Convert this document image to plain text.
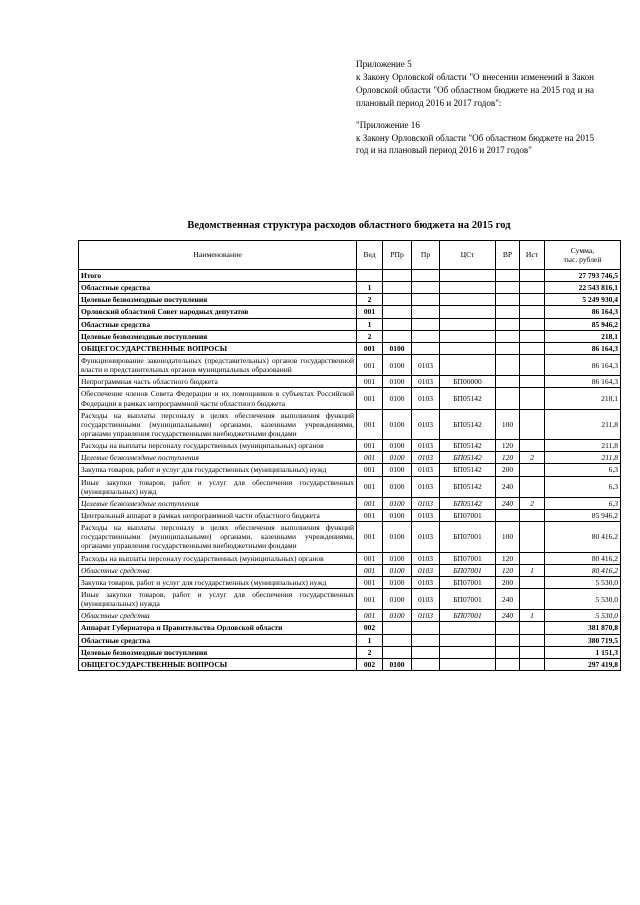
Приложение 5

к Закону Орловской области "О внесении изменений в Закон Орловской области "Об областном бюджете на 2015 год и на плановый период 2016 и 2017 годов":

"Приложение 16

к Закону Орловской области "Об областном бюджете на 2015 год и на плановый период 2016 и 2017 годов"

Ведомственная структура расходов областного бюджета на 2015 год
Наименование	Вед	РПр	Пр	ЦСт	ВР	Ист	Сумма,
тыс. рублей
Итого							27 793 746,5
Областные средства	1						22 543 816,1
Целевые безвозмездные поступления	2						5 249 930,4
Орловский областной Совет народных депутатов	001						86 164,3
Областные средства	1						85 946,2
Целевые безвозмездные поступления	2						218,1
ОБЩЕГОСУДАРСТВЕННЫЕ ВОПРОСЫ	001	0100					86 164,3
Функционирование законодательных (представительных) органов государственной власти и представительных органов муниципальных образований	001	0100	0103				86 164,3
Непрограммная часть областного бюджета	001	0100	0103	БП00000			86 164,3
Обеспечение членов Совета Федерации и их помощников в субъектах Российской Федерации в рамках непрограммной части областного бюджета	001	0100	0103	БП05142			218,1
Расходы на выплаты персоналу в целях обеспечения выполнения функций государственными (муниципальными) органами, казенными учреждениями, органами управления государственными внебюджетными фондами	001	0100	0103	БП05142	100		211,8
Расходы на выплаты персоналу государственных (муниципальных) органов	001	0100	0103	БП05142	120		211,8
Целевые безвозмездные поступления	001	0100	0103	БП05142	120	2	211,8
Закупка товаров, работ и услуг для государственных (муниципальных) нужд	001	0100	0103	БП05142	200		6,3
Иные закупки товаров, работ и услуг для обеспечения государственных (муниципальных) нужд	001	0100	0103	БП05142	240		6,3
Целевые безвозмездные поступления	001	0100	0103	БП05142	240	2	6,3
Центральный аппарат в рамках непрограммной части областного бюджета	001	0100	0103	БП07001			85 946,2
Расходы на выплаты персоналу в целях обеспечения выполнения функций государственными (муниципальными) органами, казенными учреждениями, органами управления государственными внебюджетными фондами	001	0100	0103	БП07001	100		80 416,2
Расходы на выплаты персоналу государственных (муниципальных) органов	001	0100	0103	БП07001	120		80 416,2
Областные средства	001	0100	0103	БП07001	120	1	80 416,2
Закупка товаров, работ и услуг для государственных (муниципальных) нужд	001	0100	0103	БП07001	200		5 530,0
Иные закупки товаров, работ и услуг для обеспечения государственных (муниципальных) нужда	001	0100	0103	БП07001	240		5 530,0
Областные средства	001	0100	0103	БП07001	240	1	5 530,0
Аппарат Губернатора и Правительства Орловской области	002						381 870,8
Областные средства	1						380 719,5
Целевые безвозмездные поступления	2						1 151,3
ОБЩЕГОСУДАРСТВЕННЫЕ ВОПРОСЫ	002	0100					297 419,8
